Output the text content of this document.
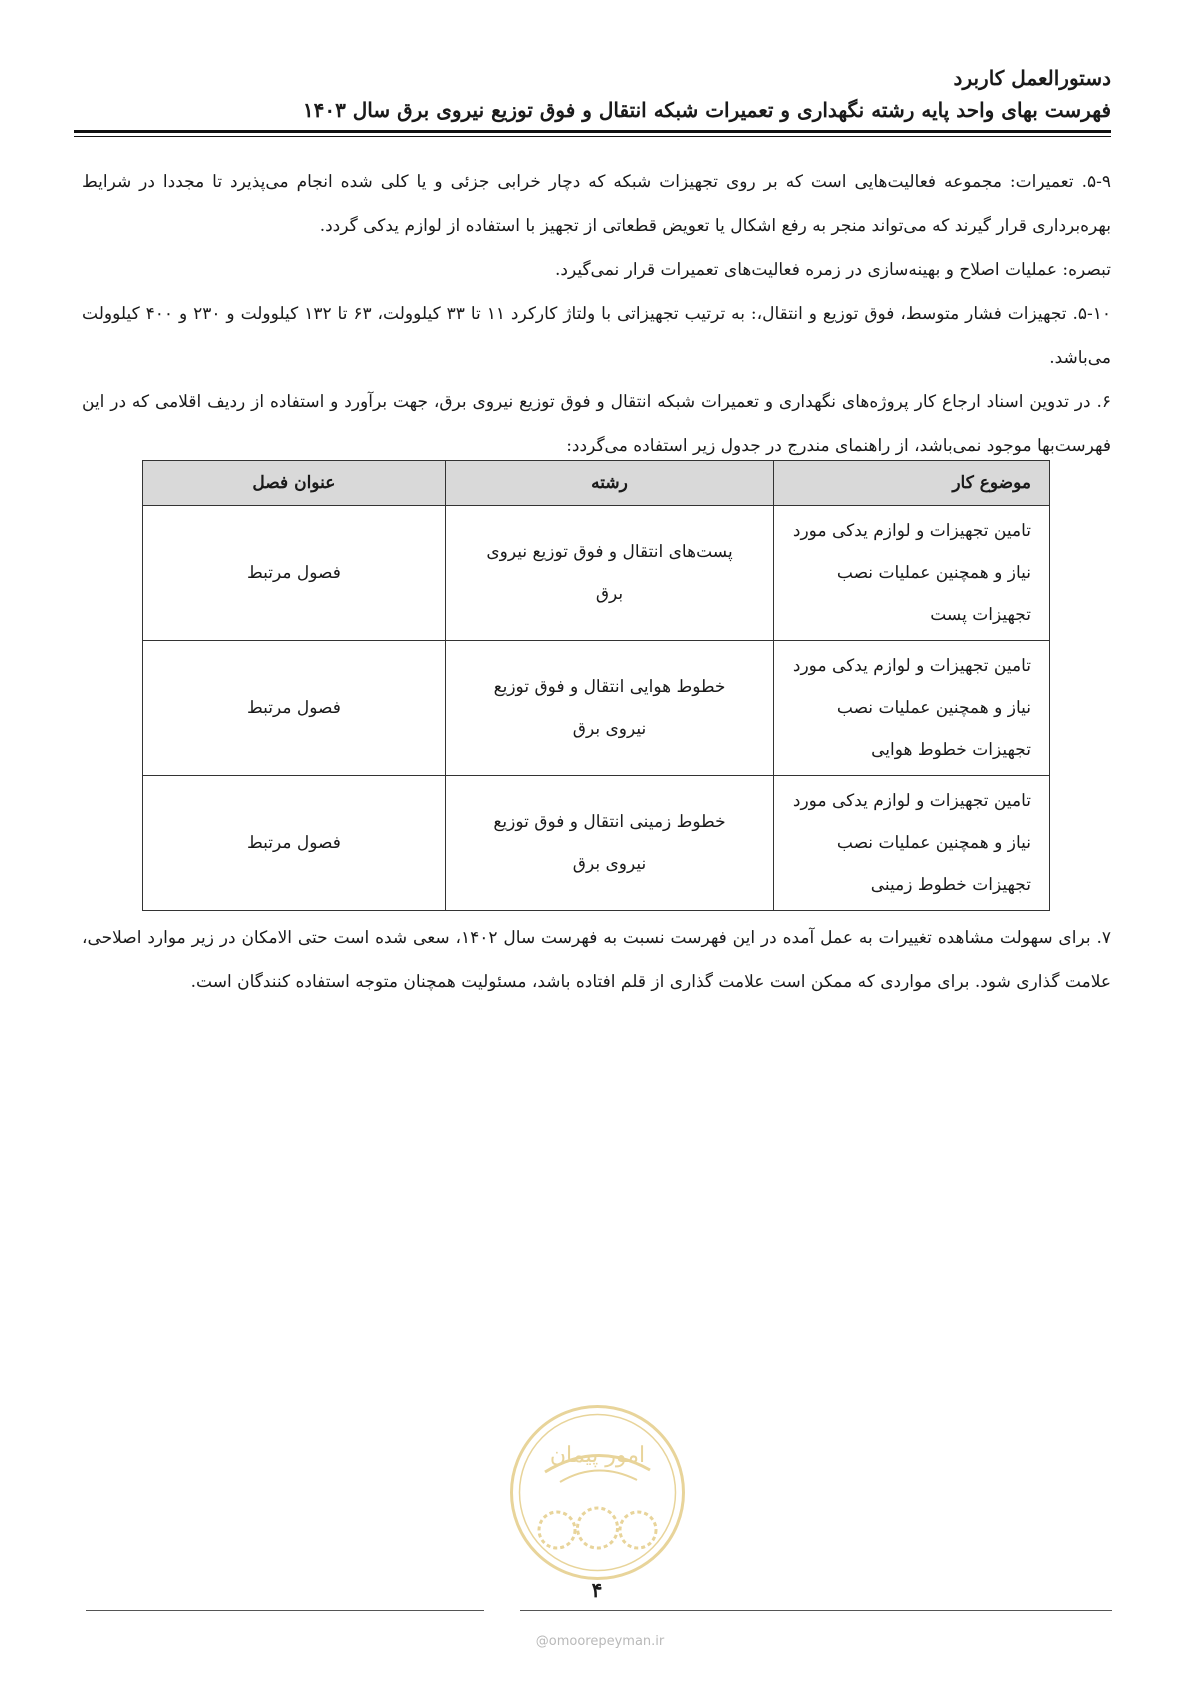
دستورالعمل کاربرد
فهرست بهای واحد پایه رشته نگهداری و تعمیرات شبکه انتقال و فوق توزیع نیروی برق سال ۱۴۰۳

۵-۹. تعمیرات: مجموعه فعالیت‌هایی است که بر روی تجهیزات شبکه که دچار خرابی جزئی و یا کلی شده انجام می‌پذیرد تا مجددا در شرایط بهره‌برداری قرار گیرند که می‌تواند منجر به رفع اشکال یا تعویض قطعاتی از تجهیز با استفاده از لوازم یدکی گردد.

تبصره: عملیات اصلاح و بهینه‌سازی در زمره فعالیت‌های تعمیرات قرار نمی‌گیرد.

۵-۱۰. تجهیزات فشار متوسط، فوق توزیع و انتقال،: به ترتیب تجهیزاتی با ولتاژ کارکرد ۱۱ تا ۳۳ کیلوولت، ۶۳ تا ۱۳۲ کیلوولت و ۲۳۰ و ۴۰۰ کیلوولت می‌باشد.

۶. در تدوین اسناد ارجاع کار پروژه‌های نگهداری و تعمیرات شبکه انتقال و فوق توزیع نیروی برق، جهت برآورد و استفاده از ردیف اقلامی که در این فهرست‌بها موجود نمی‌باشد، از راهنمای مندرج در جدول زیر استفاده می‌گردد:

موضوع کار	رشته	عنوان فصل
تامین تجهیزات و لوازم یدکی مورد نیاز و همچنین عملیات نصب تجهیزات پست	پست‌های انتقال و فوق توزیع نیروی برق	فصول مرتبط
تامین تجهیزات و لوازم یدکی مورد نیاز و همچنین عملیات نصب تجهیزات خطوط هوایی	خطوط هوایی انتقال و فوق توزیع نیروی برق	فصول مرتبط
تامین تجهیزات و لوازم یدکی مورد نیاز و همچنین عملیات نصب تجهیزات خطوط زمینی	خطوط زمینی انتقال و فوق توزیع نیروی برق	فصول مرتبط

۷. برای سهولت مشاهده تغییرات به عمل آمده در این فهرست نسبت به فهرست سال ۱۴۰۲، سعی شده است حتی الامکان در زیر موارد اصلاحی، علامت گذاری شود. برای مواردی که ممکن است علامت گذاری از قلم افتاده باشد، مسئولیت همچنان متوجه استفاده کنندگان است.

امور پیمان
۴
@omoorepeyman.ir
